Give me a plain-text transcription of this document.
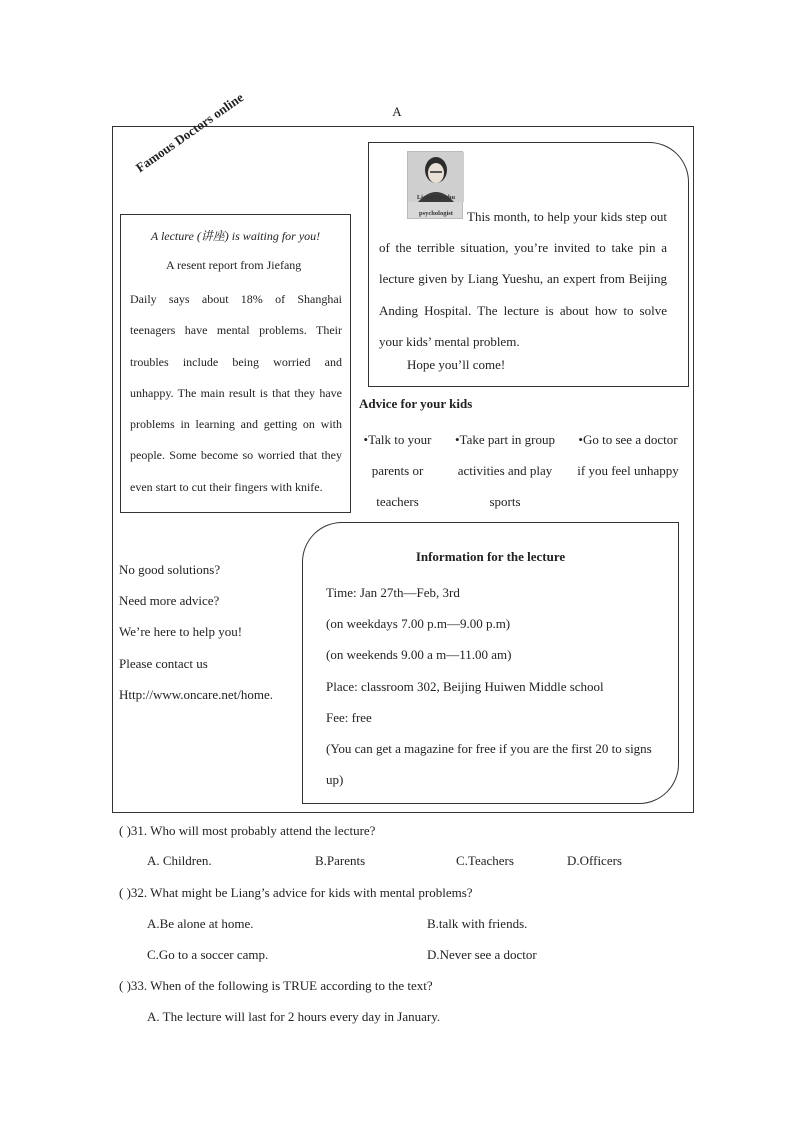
A
Famous Doctors online
A lecture (讲座) is waiting for you!
A resent report from Jiefang
Daily says about 18% of Shanghai teenagers have mental problems. Their troubles include being worried and unhappy. The main result is that they have problems in learning and getting on with people. Some become so worried that they even start to cut their fingers with knife.
Liang Yuezhu
psychologist	This month, to help your kids step out of the terrible situation, you’re invited to take pin a lecture given by Liang Yueshu, an expert from Beijing Anding Hospital. The lecture is about how to solve your kids’ mental problem.
Hope you’ll come!
Advice for your kids
•Talk to your parents or teachers
•Take part in group activities and play sports
•Go to see a doctor if you feel unhappy
No good solutions?
Need more advice?
We’re here to help you!
Please contact us
Http://www.oncare.net/home.
Information for the lecture
Time: Jan 27th—Feb, 3rd
(on weekdays 7.00 p.m—9.00 p.m)
(on weekends 9.00 a m—11.00 am)
Place: classroom 302, Beijing Huiwen Middle school
Fee: free
(You can get a magazine for free if you are the first 20 to signs up)
( )31. Who will most probably attend the lecture?
A. Children.	B.Parents	C.Teachers	D.Officers
( )32. What might be Liang’s advice for kids with mental problems?
A.Be alone at home.	B.talk with friends.
C.Go to a soccer camp.	D.Never see a doctor
( )33. When of the following is TRUE according to the text?
A. The lecture will last for 2 hours every day in January.
